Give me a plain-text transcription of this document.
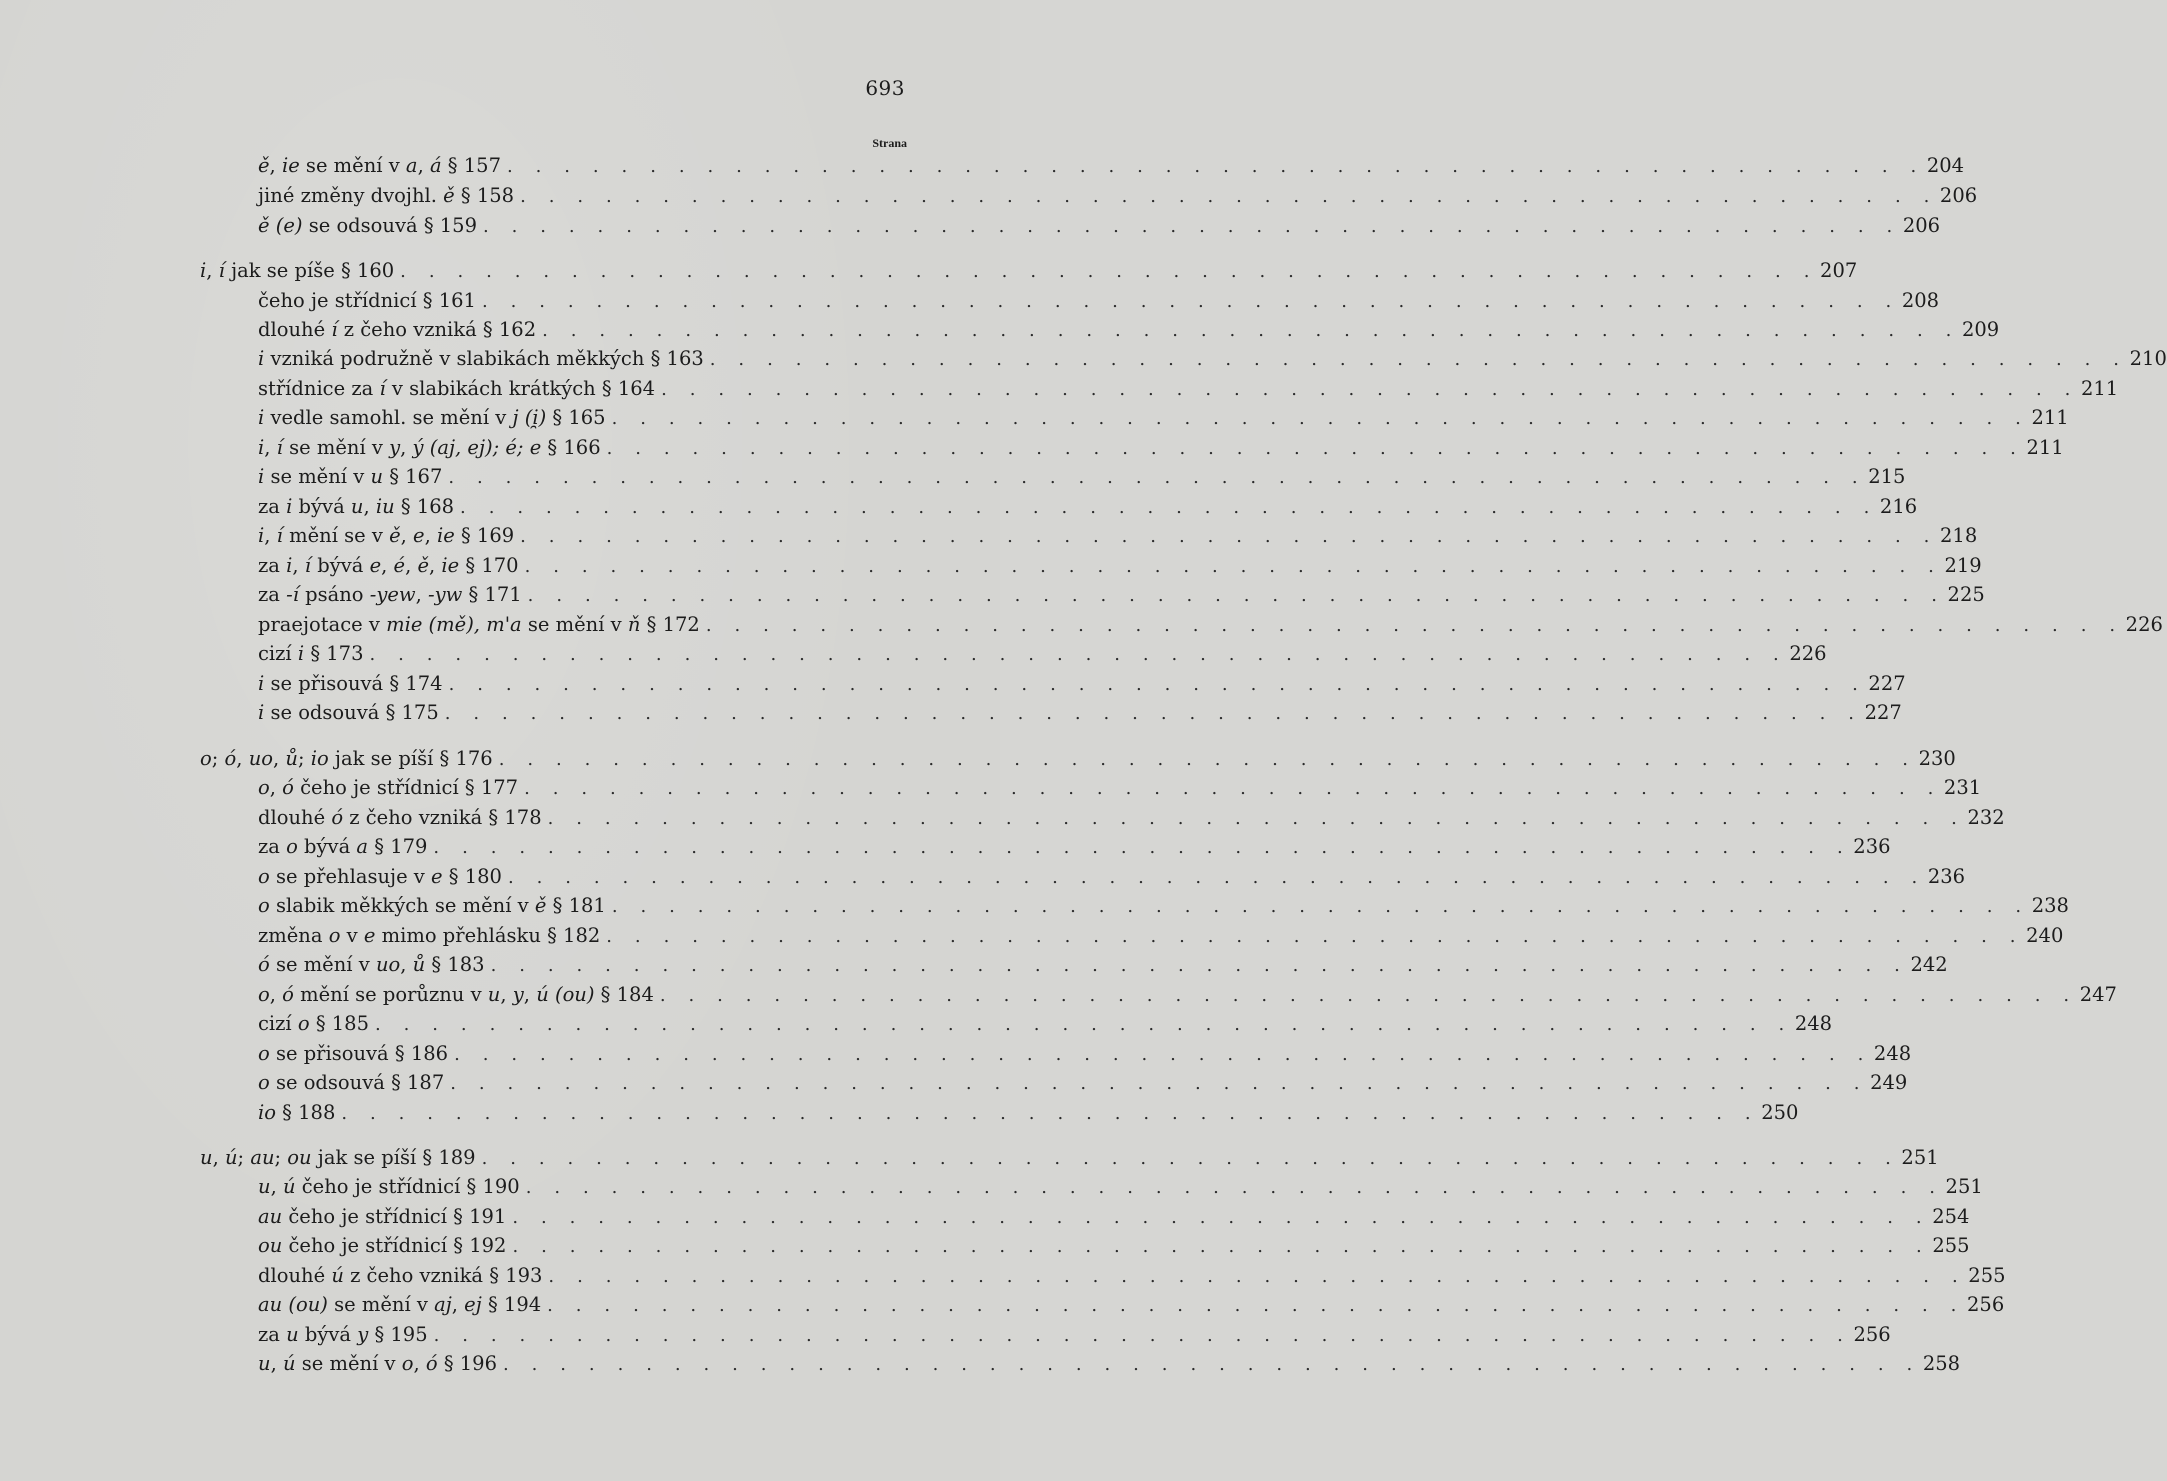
693
Strana
ě, ie se mění v a, á § 157 . . . . . . . . . . . . . . . . . . . . . . . . . . . . . . . . . . . . . . . . . . . . . . . . . . 204
jiné změny dvojhl. ě § 158 . . . . . . . . . . . . . . . . . . . . . . . . . . . . . . . . . . . . . . . . . . . . . . . . . . 206
ě (e) se odsouvá § 159 . . . . . . . . . . . . . . . . . . . . . . . . . . . . . . . . . . . . . . . . . . . . . . . . . . 206
i, í jak se píše § 160 . . . . . . . . . . . . . . . . . . . . . . . . . . . . . . . . . . . . . . . . . . . . . . . . . . 207
čeho je střídnicí § 161 . . . . . . . . . . . . . . . . . . . . . . . . . . . . . . . . . . . . . . . . . . . . . . . . . . 208
dlouhé í z čeho vzniká § 162 . . . . . . . . . . . . . . . . . . . . . . . . . . . . . . . . . . . . . . . . . . . . . . . . . . 209
i vzniká podružně v slabikách měkkých § 163 . . . . . . . . . . . . . . . . . . . . . . . . . . . . . . . . . . . . . . . . . . . . . . . . . . 210
střídnice za í v slabikách krátkých § 164 . . . . . . . . . . . . . . . . . . . . . . . . . . . . . . . . . . . . . . . . . . . . . . . . . . 211
i vedle samohl. se mění v j (i̯) § 165 . . . . . . . . . . . . . . . . . . . . . . . . . . . . . . . . . . . . . . . . . . . . . . . . . . 211
i, í se mění v y, ý (aj, ej); é; e § 166 . . . . . . . . . . . . . . . . . . . . . . . . . . . . . . . . . . . . . . . . . . . . . . . . . . 211
i se mění v u § 167 . . . . . . . . . . . . . . . . . . . . . . . . . . . . . . . . . . . . . . . . . . . . . . . . . . 215
za i bývá u, iu § 168 . . . . . . . . . . . . . . . . . . . . . . . . . . . . . . . . . . . . . . . . . . . . . . . . . . 216
i, í mění se v ě, e, ie § 169 . . . . . . . . . . . . . . . . . . . . . . . . . . . . . . . . . . . . . . . . . . . . . . . . . . 218
za i, í bývá e, é, ě, ie § 170 . . . . . . . . . . . . . . . . . . . . . . . . . . . . . . . . . . . . . . . . . . . . . . . . . . 219
za -í psáno -yew, -yw § 171 . . . . . . . . . . . . . . . . . . . . . . . . . . . . . . . . . . . . . . . . . . . . . . . . . . 225
praejotace v mie (mě), m'a se mění v ň § 172 . . . . . . . . . . . . . . . . . . . . . . . . . . . . . . . . . . . . . . . . . . . . . . . . . . 226
cizí i § 173 . . . . . . . . . . . . . . . . . . . . . . . . . . . . . . . . . . . . . . . . . . . . . . . . . . 226
i se přisouvá § 174 . . . . . . . . . . . . . . . . . . . . . . . . . . . . . . . . . . . . . . . . . . . . . . . . . . 227
i se odsouvá § 175 . . . . . . . . . . . . . . . . . . . . . . . . . . . . . . . . . . . . . . . . . . . . . . . . . . 227
o; ó, uo, ů; io jak se píší § 176 . . . . . . . . . . . . . . . . . . . . . . . . . . . . . . . . . . . . . . . . . . . . . . . . . . 230
o, ó čeho je střídnicí § 177 . . . . . . . . . . . . . . . . . . . . . . . . . . . . . . . . . . . . . . . . . . . . . . . . . . 231
dlouhé ó z čeho vzniká § 178 . . . . . . . . . . . . . . . . . . . . . . . . . . . . . . . . . . . . . . . . . . . . . . . . . . 232
za o bývá a § 179 . . . . . . . . . . . . . . . . . . . . . . . . . . . . . . . . . . . . . . . . . . . . . . . . . . 236
o se přehlasuje v e § 180 . . . . . . . . . . . . . . . . . . . . . . . . . . . . . . . . . . . . . . . . . . . . . . . . . . 236
o slabik měkkých se mění v ě § 181 . . . . . . . . . . . . . . . . . . . . . . . . . . . . . . . . . . . . . . . . . . . . . . . . . . 238
změna o v e mimo přehlásku § 182 . . . . . . . . . . . . . . . . . . . . . . . . . . . . . . . . . . . . . . . . . . . . . . . . . . 240
ó se mění v uo, ů § 183 . . . . . . . . . . . . . . . . . . . . . . . . . . . . . . . . . . . . . . . . . . . . . . . . . . 242
o, ó mění se porůznu v u, y, ú (ou) § 184 . . . . . . . . . . . . . . . . . . . . . . . . . . . . . . . . . . . . . . . . . . . . . . . . . . 247
cizí o § 185 . . . . . . . . . . . . . . . . . . . . . . . . . . . . . . . . . . . . . . . . . . . . . . . . . . 248
o se přisouvá § 186 . . . . . . . . . . . . . . . . . . . . . . . . . . . . . . . . . . . . . . . . . . . . . . . . . . 248
o se odsouvá § 187 . . . . . . . . . . . . . . . . . . . . . . . . . . . . . . . . . . . . . . . . . . . . . . . . . . 249
io § 188 . . . . . . . . . . . . . . . . . . . . . . . . . . . . . . . . . . . . . . . . . . . . . . . . . . 250
u, ú; au; ou jak se píší § 189 . . . . . . . . . . . . . . . . . . . . . . . . . . . . . . . . . . . . . . . . . . . . . . . . . . 251
u, ú čeho je střídnicí § 190 . . . . . . . . . . . . . . . . . . . . . . . . . . . . . . . . . . . . . . . . . . . . . . . . . . 251
au čeho je střídnicí § 191 . . . . . . . . . . . . . . . . . . . . . . . . . . . . . . . . . . . . . . . . . . . . . . . . . . 254
ou čeho je střídnicí § 192 . . . . . . . . . . . . . . . . . . . . . . . . . . . . . . . . . . . . . . . . . . . . . . . . . . 255
dlouhé ú z čeho vzniká § 193 . . . . . . . . . . . . . . . . . . . . . . . . . . . . . . . . . . . . . . . . . . . . . . . . . . 255
au (ou) se mění v aj, ej § 194 . . . . . . . . . . . . . . . . . . . . . . . . . . . . . . . . . . . . . . . . . . . . . . . . . . 256
za u bývá y § 195 . . . . . . . . . . . . . . . . . . . . . . . . . . . . . . . . . . . . . . . . . . . . . . . . . . 256
u, ú se mění v o, ó § 196 . . . . . . . . . . . . . . . . . . . . . . . . . . . . . . . . . . . . . . . . . . . . . . . . . . 258
